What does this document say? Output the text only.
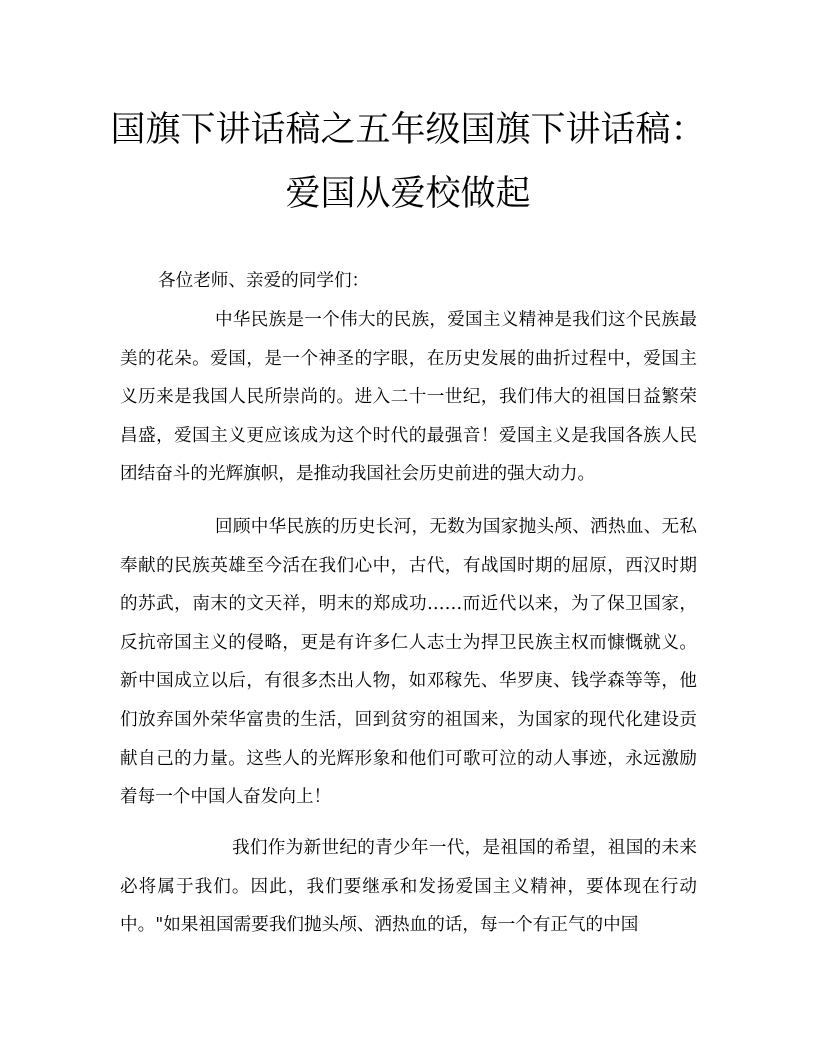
国旗下讲话稿之五年级国旗下讲话稿：
爱国从爱校做起

各位老师、亲爱的同学们：

中华民族是一个伟大的民族，爱国主义精神是我们这个民族最美的花朵。爱国，是一个神圣的字眼，在历史发展的曲折过程中，爱国主义历来是我国人民所崇尚的。进入二十一世纪，我们伟大的祖国日益繁荣昌盛，爱国主义更应该成为这个时代的最强音！爱国主义是我国各族人民团结奋斗的光辉旗帜，是推动我国社会历史前进的强大动力。

回顾中华民族的历史长河，无数为国家抛头颅、洒热血、无私奉献的民族英雄至今活在我们心中，古代，有战国时期的屈原，西汉时期的苏武，南末的文天祥，明末的郑成功……而近代以来，为了保卫国家，反抗帝国主义的侵略，更是有许多仁人志士为捍卫民族主权而慷慨就义。新中国成立以后，有很多杰出人物，如邓稼先、华罗庚、钱学森等等，他们放弃国外荣华富贵的生活，回到贫穷的祖国来，为国家的现代化建设贡献自己的力量。这些人的光辉形象和他们可歌可泣的动人事迹，永远激励着每一个中国人奋发向上！

我们作为新世纪的青少年一代，是祖国的希望，祖国的未来必将属于我们。因此，我们要继承和发扬爱国主义精神，要体现在行动中。"如果祖国需要我们抛头颅、洒热血的话，每一个有正气的中国
